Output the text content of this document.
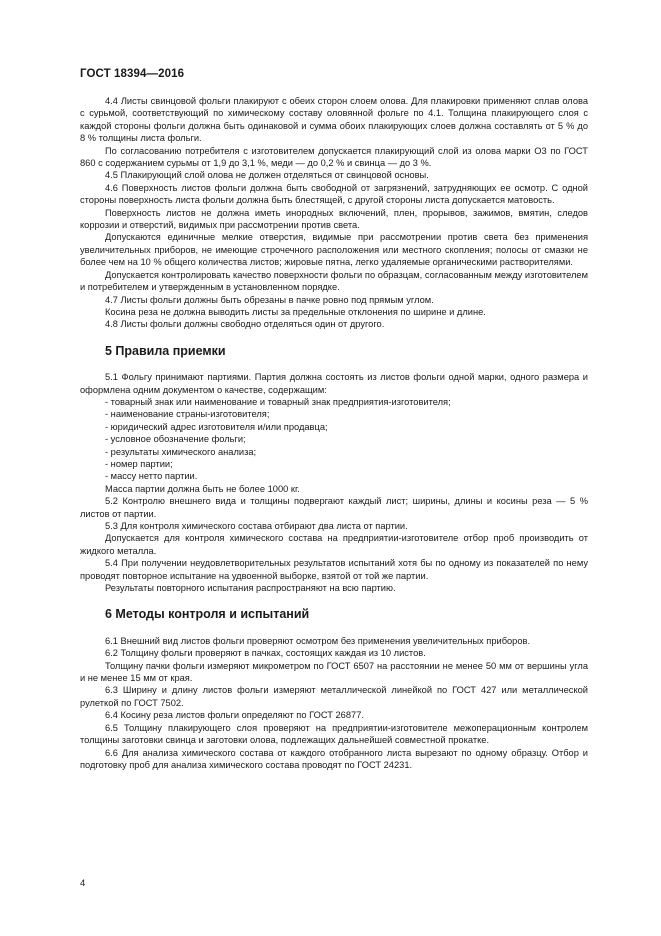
ГОСТ 18394—2016

4.4 Листы свинцовой фольги плакируют с обеих сторон слоем олова. Для плакировки применяют сплав олова с сурьмой, соответствующий по химическому составу оловянной фольге по 4.1. Толщина плакирующего слоя с каждой стороны фольги должна быть одинаковой и сумма обоих плакирующих слоев должна составлять от 5 % до 8 % толщины листа фольги.

По согласованию потребителя с изготовителем допускается плакирующий слой из олова марки О3 по ГОСТ 860 с содержанием сурьмы от 1,9 до 3,1 %, меди — до 0,2 % и свинца — до 3 %.

4.5 Плакирующий слой олова не должен отделяться от свинцовой основы.

4.6 Поверхность листов фольги должна быть свободной от загрязнений, затрудняющих ее осмотр. С одной стороны поверхность листа фольги должна быть блестящей, с другой стороны листа допускается матовость.

Поверхность листов не должна иметь инородных включений, плен, прорывов, зажимов, вмятин, следов коррозии и отверстий, видимых при рассмотрении против света.

Допускаются единичные мелкие отверстия, видимые при рассмотрении против света без применения увеличительных приборов, не имеющие строчечного расположения или местного скопления; полосы от смазки не более чем на 10 % общего количества листов; жировые пятна, легко удаляемые органическими растворителями.

Допускается контролировать качество поверхности фольги по образцам, согласованным между изготовителем и потребителем и утвержденным в установленном порядке.

4.7 Листы фольги должны быть обрезаны в пачке ровно под прямым углом.

Косина реза не должна выводить листы за предельные отклонения по ширине и длине.

4.8 Листы фольги должны свободно отделяться один от другого.

5 Правила приемки

5.1 Фольгу принимают партиями. Партия должна состоять из листов фольги одной марки, одного размера и оформлена одним документом о качестве, содержащим:

- товарный знак или наименование и товарный знак предприятия-изготовителя;

- наименование страны-изготовителя;

- юридический адрес изготовителя и/или продавца;

- условное обозначение фольги;

- результаты химического анализа;

- номер партии;

- массу нетто партии.

Масса партии должна быть не более 1000 кг.

5.2 Контролю внешнего вида и толщины подвергают каждый лист; ширины, длины и косины реза — 5 % листов от партии.

5.3 Для контроля химического состава отбирают два листа от партии.

Допускается для контроля химического состава на предприятии-изготовителе отбор проб производить от жидкого металла.

5.4 При получении неудовлетворительных результатов испытаний хотя бы по одному из показателей по нему проводят повторное испытание на удвоенной выборке, взятой от той же партии.

Результаты повторного испытания распространяют на всю партию.

6 Методы контроля и испытаний

6.1 Внешний вид листов фольги проверяют осмотром без применения увеличительных приборов.

6.2 Толщину фольги проверяют в пачках, состоящих каждая из 10 листов.

Толщину пачки фольги измеряют микрометром по ГОСТ 6507 на расстоянии не менее 50 мм от вершины угла и не менее 15 мм от края.

6.3 Ширину и длину листов фольги измеряют металлической линейкой по ГОСТ 427 или металлической рулеткой по ГОСТ 7502.

6.4 Косину реза листов фольги определяют по ГОСТ 26877.

6.5 Толщину плакирующего слоя проверяют на предприятии-изготовителе межоперационным контролем толщины заготовки свинца и заготовки олова, подлежащих дальнейшей совместной прокатке.

6.6 Для анализа химического состава от каждого отобранного листа вырезают по одному образцу. Отбор и подготовку проб для анализа химического состава проводят по ГОСТ 24231.

4
